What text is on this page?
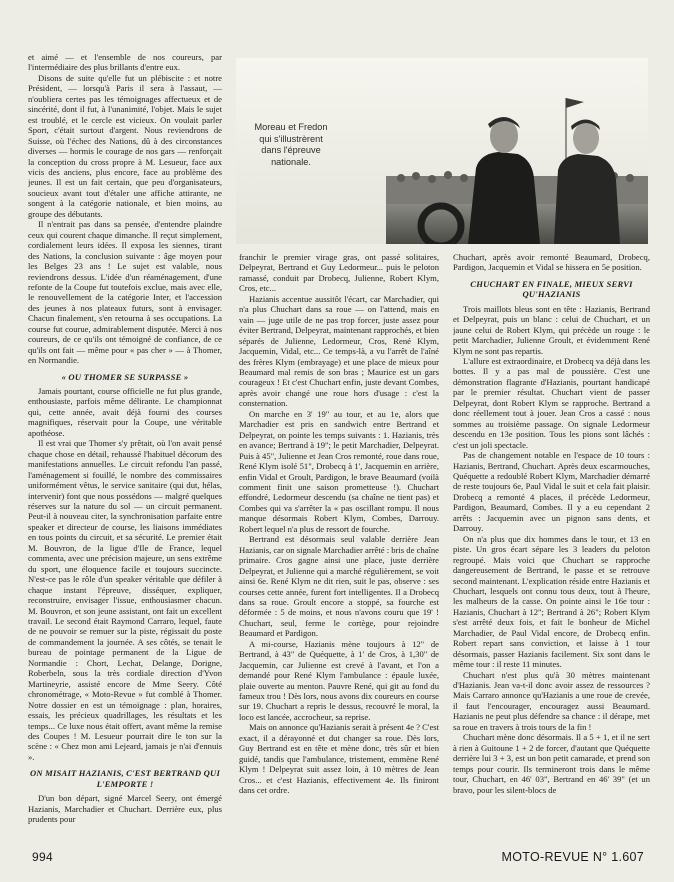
et aimé — et l'ensemble de nos coureurs, par l'intermédiaire des plus brillants d'entre eux.

Disons de suite qu'elle fut un plébiscite : et notre Président, — lorsqu'à Paris il sera à l'assaut, — n'oubliera certes pas les témoignages affectueux et de sincérité, dont il fut, à l'unanimité, l'objet. Mais le sujet est troublé, et le cercle est vicieux. On voulait parler Sport, c'était surtout d'argent. Nous reviendrons de Suisse, où l'échec des Nations, dû à des circonstances diverses — hormis le courage de nos gars — renforçait la conception du cross propre à M. Lesueur, face aux vicis des anciens, plus encore, face au problème des jeunes. Il est un fait certain, que peu d'organisateurs, soucieux avant tout d'étaler une affiche attirante, ne songent à la catégorie nationale, et bien moins, au groupe des débutants.

Il n'entrait pas dans sa pensée, d'entendre plaindre ceux qui courent chaque dimanche. Il reçut simplement, cordialement leurs idées. Il exposa les siennes, tirant des Nations, la conclusion suivante : âge moyen pour les Belges 23 ans ! Le sujet est valable, nous reviendrons dessus. L'idée d'un réaménagement, d'une refonte de la Coupe fut toutefois exclue, mais avec elle, le renouvellement de la catégorie Inter, et l'accession des jeunes à nos plateaux futurs, sont à envisager. Chacun finalement, s'en retourna à ses occupations. La course fut courue, admirablement disputée. Merci à nos coureurs, de ce qu'ils ont témoigné de confiance, de ce qu'ils ont fait — même pour « pas cher » — à Thomer, en Normandie.

« OU THOMER SE SURPASSE »

Jamais pourtant, course officielle ne fut plus grande, enthousiaste, parfois même délirante. Le championnat qui, cette année, avait déjà fourni des courses magnifiques, réservait pour la Coupe, une véritable apothéose.

Il est vrai que Thomer s'y prêtait, où l'on avait pensé chaque chose en détail, rehaussé l'habituel décorum des manifestations annuelles. Le circuit refondu l'an passé, l'aménagement si fouillé, le nombre des commissaires uniformément vêtus, le service sanitaire (qui dut, hélas, intervenir) font que nous possédons — malgré quelques réserves sur la nature du sol — un circuit permanent. Peut-il à nouveau citer, la synchronisation parfaite entre speaker et directeur de course, les liaisons immédiates en tous points du circuit, et sa sécurité. Le premier était M. Bouvron, de la ligue d'Ile de France, lequel commenta, avec une précision majeure, un sens extrême du sport, une éloquence facile et toujours succincte. N'est-ce pas le rôle d'un speaker véritable que défiler à chaque instant l'épreuve, disséquer, expliquer, reconstruire, envisager l'issue, enthousiasmer chacun. M. Bouvron, et son jeune assistant, ont fait un excellent travail. Le second était Raymond Carraro, lequel, faute de ne pouvoir se remuer sur la piste, régissait du poste de commandement la journée. A ses côtés, se tenait le bureau de pointage permanent de la Ligue de Normandie : Chort, Lechat, Delange, Dorigne, Roberbeln, sous la très cordiale direction d'Yvon Martineyrie, assisté encore de Mme Seery. Côté chronométrage, « Moto-Revue » fut comblé à Thomer. Notre dossier en est un témoignage : plan, horaires, essais, les précieux quadrillages, les résultats et les temps... Ce luxe nous était offert, avant même la remise des Coupes ! M. Lesueur pourrait dire le ton sur la scène : « Chez mon ami Lejeard, jamais je n'ai d'ennuis ».

ON MISAIT HAZIANIS, C'EST BERTRAND QUI L'EMPORTE !

D'un bon départ, signé Marcel Seery, ont émergé Hazianis, Marchadier et Chuchart. Derrière eux, plus prudents pour

Moreau et Fredon
qui s'illustrèrent
dans l'épreuve
nationale.

franchir le premier virage gras, ont passé solitaires, Delpeyrat, Bertrand et Guy Ledormeur... puis le peloton ramassé, conduit par Drobecq, Julienne, Robert Klym, Cros, etc...

Hazianis accentue aussitôt l'écart, car Marchadier, qui n'a plus Chuchart dans sa roue — on l'attend, mais en vain — juge utile de ne pas trop forcer, juste assez pour éviter Bertrand, Delpeyrat, maintenant rapprochés, et bien séparés de Julienne, Ledormeur, Cros, René Klym, Jacquemin, Vidal, etc... Ce temps-là, a vu l'arrêt de l'aîné des frères Klym (embrayage) et une place de mieux pour Beaumard mal remis de son bras ; Maurice est un gars courageux ! Et c'est Chuchart enfin, juste devant Combes, après avoir changé une roue hors d'usage : c'est la consternation.

On marche en 3' 19" au tour, et au 1e, alors que Marchadier est pris en sandwich entre Bertrand et Delpeyrat, on pointe les temps suivants : 1. Hazianis, très en avance; Bertrand à 19"; le petit Marchadier, Delpeyrat. Puis à 45", Julienne et Jean Cros remonté, roue dans roue, René Klym isolé 51", Drobecq à 1', Jacquemin en arrière, enfin Vidal et Groult, Pardigon, le brave Beaumard (voilà comment finit une saison prometteuse !). Chuchart effondré, Ledormeur descendu (sa chaîne ne tient pas) et Combes qui va s'arrêter la « pas oscillant rompu. Il nous manque désormais Robert Klym, Combes, Darrouy. Robert lequel n'a plus de ressort de fourche.

Bertrand est désormais seul valable derrière Jean Hazianis, car on signale Marchadier arrêté : bris de chaîne primaire. Cros gagne ainsi une place, juste derrière Delpeyrat, et Julienne qui a marché régulièrement, se voit ainsi 6e. René Klym ne dit rien, suit le pas, observe : ses courses cette année, furent fort intelligentes. Il a Drobecq dans sa roue. Groult encore a stoppé, sa fourche est déformée : 5 de moins, et nous n'avons couru que 19' ! Chuchart, seul, ferme le cortège, pour rejoindre Beaumard et Pardigon.

A mi-course, Hazianis mène toujours à 12" de Bertrand, à 43" de Quéquette, à 1' de Cros, à 1,30" de Jacquemin, car Julienne est crevé à l'avant, et l'on a demandé pour René Klym l'ambulance : épaule luxée, plaie ouverte au menton. Pauvre René, qui git au fond du fameux trou ! Dès lors, nous avons dix coureurs en course sur 19. Chuchart a repris le dessus, recouvré le moral, la loco est lancée, accrocheur, sa reprise.

Mais on annonce qu'Hazianis serait à présent 4e ? C'est exact, il a dérayonné et dut changer sa roue. Dès lors, Guy Bertrand est en tête et mène donc, très sûr et bien guidé, tandis que l'ambulance, tristement, emmène René Klym ! Delpeyrat suit assez loin, à 10 mètres de Jean Cros... et c'est Hazianis, effectivement 4e. Ils finiront dans cet ordre.

Chuchart, après avoir remonté Beaumard, Drobecq, Pardigon, Jacquemin et Vidal se hissera en 5e position.

CHUCHART EN FINALE, MIEUX SERVI QU'HAZIANIS

Trois maillots bleus sont en tête : Hazianis, Bertrand et Delpeyrat, puis un blanc : celui de Chuchart, et un jaune celui de Robert Klym, qui précède un rouge : le petit Marchadier, Julienne Groult, et évidemment René Klym ne sont pas repartis.

L'allure est extraordinaire, et Drobecq va déjà dans les bottes. Il y a pas mal de poussière. C'est une démonstration flagrante d'Hazianis, pourtant handicapé par le premier résultat. Chuchart vient de passer Delpeyrat, dont Robert Klym se rapproche. Bertrand a donc réellement tout à jouer. Jean Cros a cassé : nous sommes au troisième passage. On signale Ledormeur descendu en 13e position. Tous les pions sont lâchés : c'est un joli spectacle.

Pas de changement notable en l'espace de 10 tours : Hazianis, Bertrand, Chuchart. Après deux escarmouches, Quéquette a redoublé Robert Klym, Marchadier démarré de reste toujours 6e, Paul Vidal le suit et cela fait plaisir. Drobecq a remonté 4 places, il précède Ledormeur, Pardigon, Beaumard, Combes. Il y a eu cependant 2 arrêts : Jacquemin avec un pignon sans dents, et Darrouy.

On n'a plus que dix hommes dans le tour, et 13 en piste. Un gros écart sépare les 3 leaders du peloton regroupé. Mais voici que Chuchart se rapproche dangereusement de Bertrand, le passe et se retrouve second maintenant. L'explication réside entre Hazianis et Chuchart, lesquels ont connu tous deux, tout à l'heure, les malheurs de la casse. On pointe ainsi le 16e tour : Hazianis, Chuchart à 12"; Bertrand à 26"; Robert Klym s'est arrêté deux fois, et fait le bonheur de Michel Marchadier, de Paul Vidal encore, de Drobecq enfin. Robert repart sans conviction, et laisse à 1 tour désormais, passer Hazianis facilement. Six sont dans le même tour : il reste 11 minutes.

Chuchart n'est plus qu'à 30 mètres maintenant d'Hazianis. Jean va-t-il donc avoir assez de ressources ? Mais Carraro annonce qu'Hazianis a une roue de crevée, il faut l'encourager, encouragez aussi Beaumard. Hazianis ne peut plus défendre sa chance : il dérape, met sa roue en travers à trois tours de la fin !

Chuchart mène donc désormais. Il a 5 + 1, et il ne sert à rien à Guitoune 1 + 2 de forcer, d'autant que Quéquette derrière lui 3 + 3, est un bon petit camarade, et prend son temps pour courir. Ils termineront trois dans le même tour, Chuchart, en 46' 03", Bertrand en 46' 39" (et un bravo, pour les silent-blocs de

994	MOTO-REVUE N° 1.607
